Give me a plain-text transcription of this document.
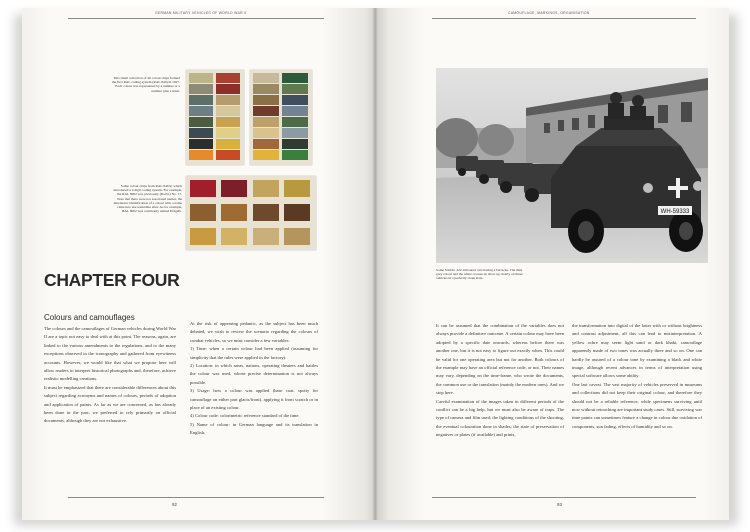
GERMAN MILITARY VEHICLES OF WORLD WAR II	CAMOUFLAGE, MARKINGS, ORGANISATION
This small collection of 40 colour chips formed the first RAL coding system (RAL 840) in 1927. Each colour was represented by a number or a number plus a letter.
Some colour chips from RAL 840 R, which introduced a 4 digit coding system. For example, the RAL 8002 was previously (Rotbr.) No. 17. Note that there were not associated names, the mnemonic identification of a colour with a name came into use sometime after. As for example, RAL 8002 was commonly named Erdgelb.
CHAPTER FOUR
Colours and camouflages

The colours and the camouflages of German vehicles during World War II are a topic not easy to deal with at this point. The reasons, again, are linked to the various amendments to the regulations, and to the many exceptions observed in the iconography and gathered from eyewitness accounts. However, we would like that what we propose here will allow readers to interpret historical photographs and, therefore, achieve realistic modelling creations.

It must be emphasized that there are considerable differences about this subject regarding acronyms and names of colours, periods of adoption and application of paints. As far as we are concerned, as has already been done in the past, we preferred to rely primarily on official documents, although they are not exhaustive.

At the risk of appearing pedantic, as the subject has been much debated, we wish to review the scenario regarding the colours of combat vehicles, so we must consider a few variables:

1) Time: when a certain colour had been applied (assuming for simplicity that the rules were applied in the factory).

2) Location: in which areas, nations, operating theaters and battles the colour was used, whose precise determination is not always possible.

3) Usage: how a colour was applied (base coat, spotty for camouflage on either part glacis/front), applying it from scratch or in place of an existing colour.

4) Colour code: colorimetric reference standard of the time.

5) Name of colour: in German language and its translation in English.

92
WH-59333
Some Sd.Kfz. 222 armoured cars having a barracks. The dark grey colour and the white crosses do show up clearly on these vehicles in a perfectly clean state.

It can be assumed that the combination of the variables does not always provide a definitive outcome. A certain colour may have been adopted by a specific date onwards, whereas before there was another one, but it is not easy to figure out exactly when. This could be valid for one operating area but not for another. Both colours of the example may have an official reference code, or not. Their names may vary, depending on the time-frame, who wrote the documents, the common use or the translation (mainly the modern ones). And we stop here.

Careful examination of the images taken in different periods of the conflict can be a big help, but we must also be aware of traps. The type of camera and film used; the lighting conditions of the shooting, the eventual colouration done in shades; the state of preservation of negatives or plates (if available) and prints,

the transformation into digital of the latter with or without brightness and contrast adjustment, all this can lead to misinterpretation. A yellow ochre may seem light sand or dark khaki, camouflage apparently made of two tones was actually three and so on. One can hardly be assured of a colour tone by examining a black and white image, although recent advances in terms of interpretation using special software allows some ability.

One last caveat. The vast majority of vehicles preserved in museums and collections did not keep their original colour, and therefore they should not be a reliable reference, while specimens surviving until now without retouching are important study cases. Still, surviving war time paints can sometimes feature a change in colour due oxidation of components, sun fading, effects of humidity and so on.

93
